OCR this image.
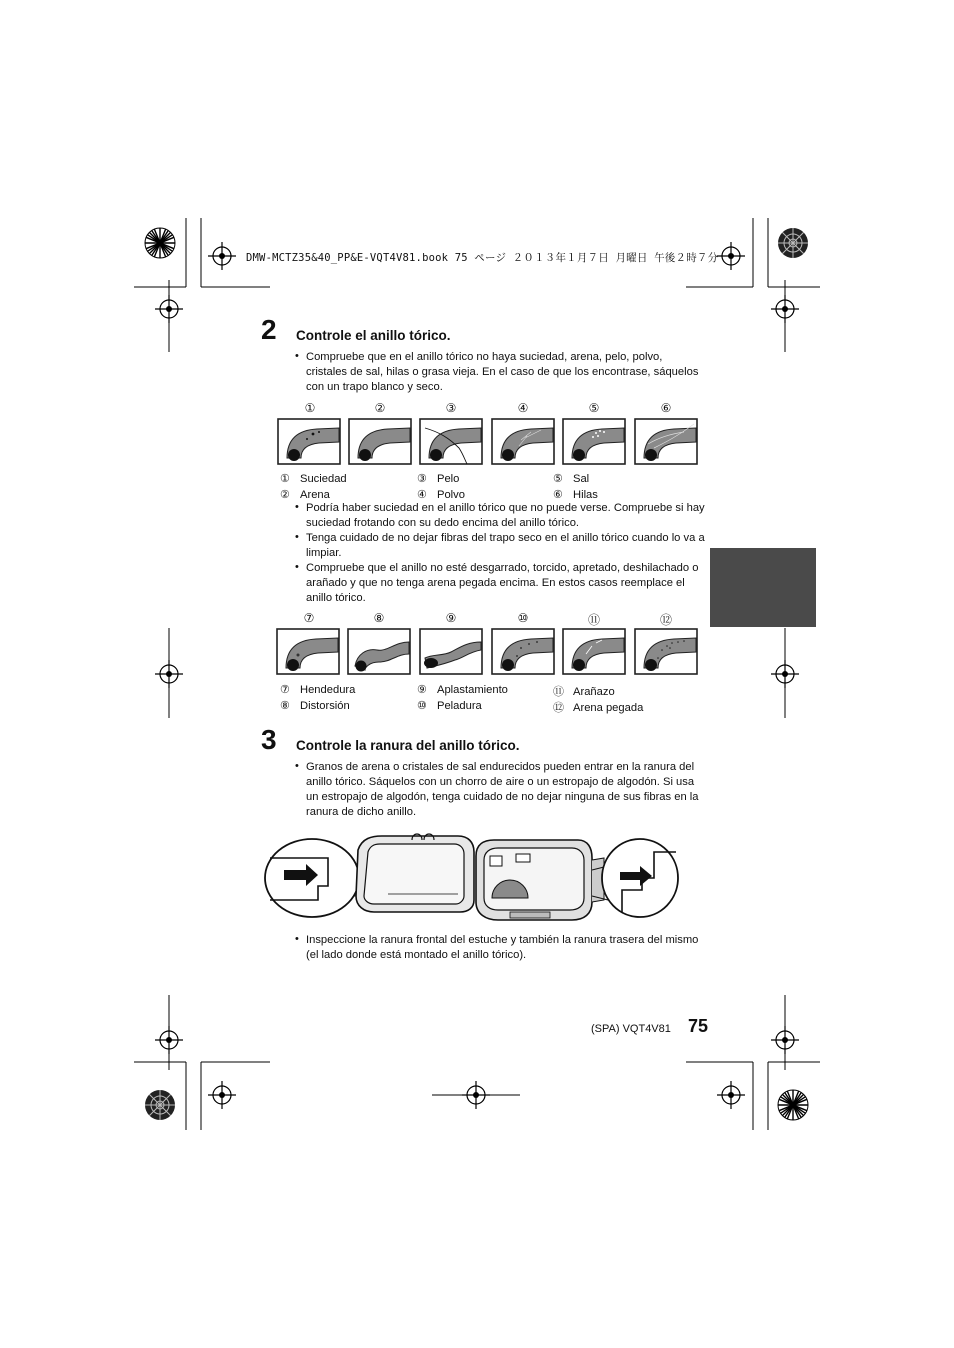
DMW-MCTZ35&40_PP&E-VQT4V81.book 75 ページ ２０１３年１月７日 月曜日 午後２時７分
2 Controle el anillo tórico.
• Compruebe que en el anillo tórico no haya suciedad, arena, pelo, polvo, cristales de sal, hilas o grasa vieja. En el caso de que los encontrase, sáquelos con un trapo blanco y seco.
①	②	③	④	⑤	⑥
① Suciedad
② Arena
③ Pelo
④ Polvo
⑤ Sal
⑥ Hilas
• Podría haber suciedad en el anillo tórico que no puede verse. Compruebe si hay suciedad frotando con su dedo encima del anillo tórico.
• Tenga cuidado de no dejar fibras del trapo seco en el anillo tórico cuando lo va a limpiar.
• Compruebe que el anillo no esté desgarrado, torcido, apretado, deshilachado o arañado y que no tenga arena pegada encima. En estos casos reemplace el anillo tórico.
⑦	⑧	⑨	⑩	⑪	⑫
⑦ Hendedura
⑧ Distorsión
⑨ Aplastamiento
⑩ Peladura
⑪ Arañazo
⑫ Arena pegada
3 Controle la ranura del anillo tórico.
• Granos de arena o cristales de sal endurecidos pueden entrar en la ranura del anillo tórico. Sáquelos con un chorro de aire o un estropajo de algodón. Si usa un estropajo de algodón, tenga cuidado de no dejar ninguna de sus fibras en la ranura de dicho anillo.
• Inspeccione la ranura frontal del estuche y también la ranura trasera del mismo (el lado donde está montado el anillo tórico).
(SPA) VQT4V81 75
